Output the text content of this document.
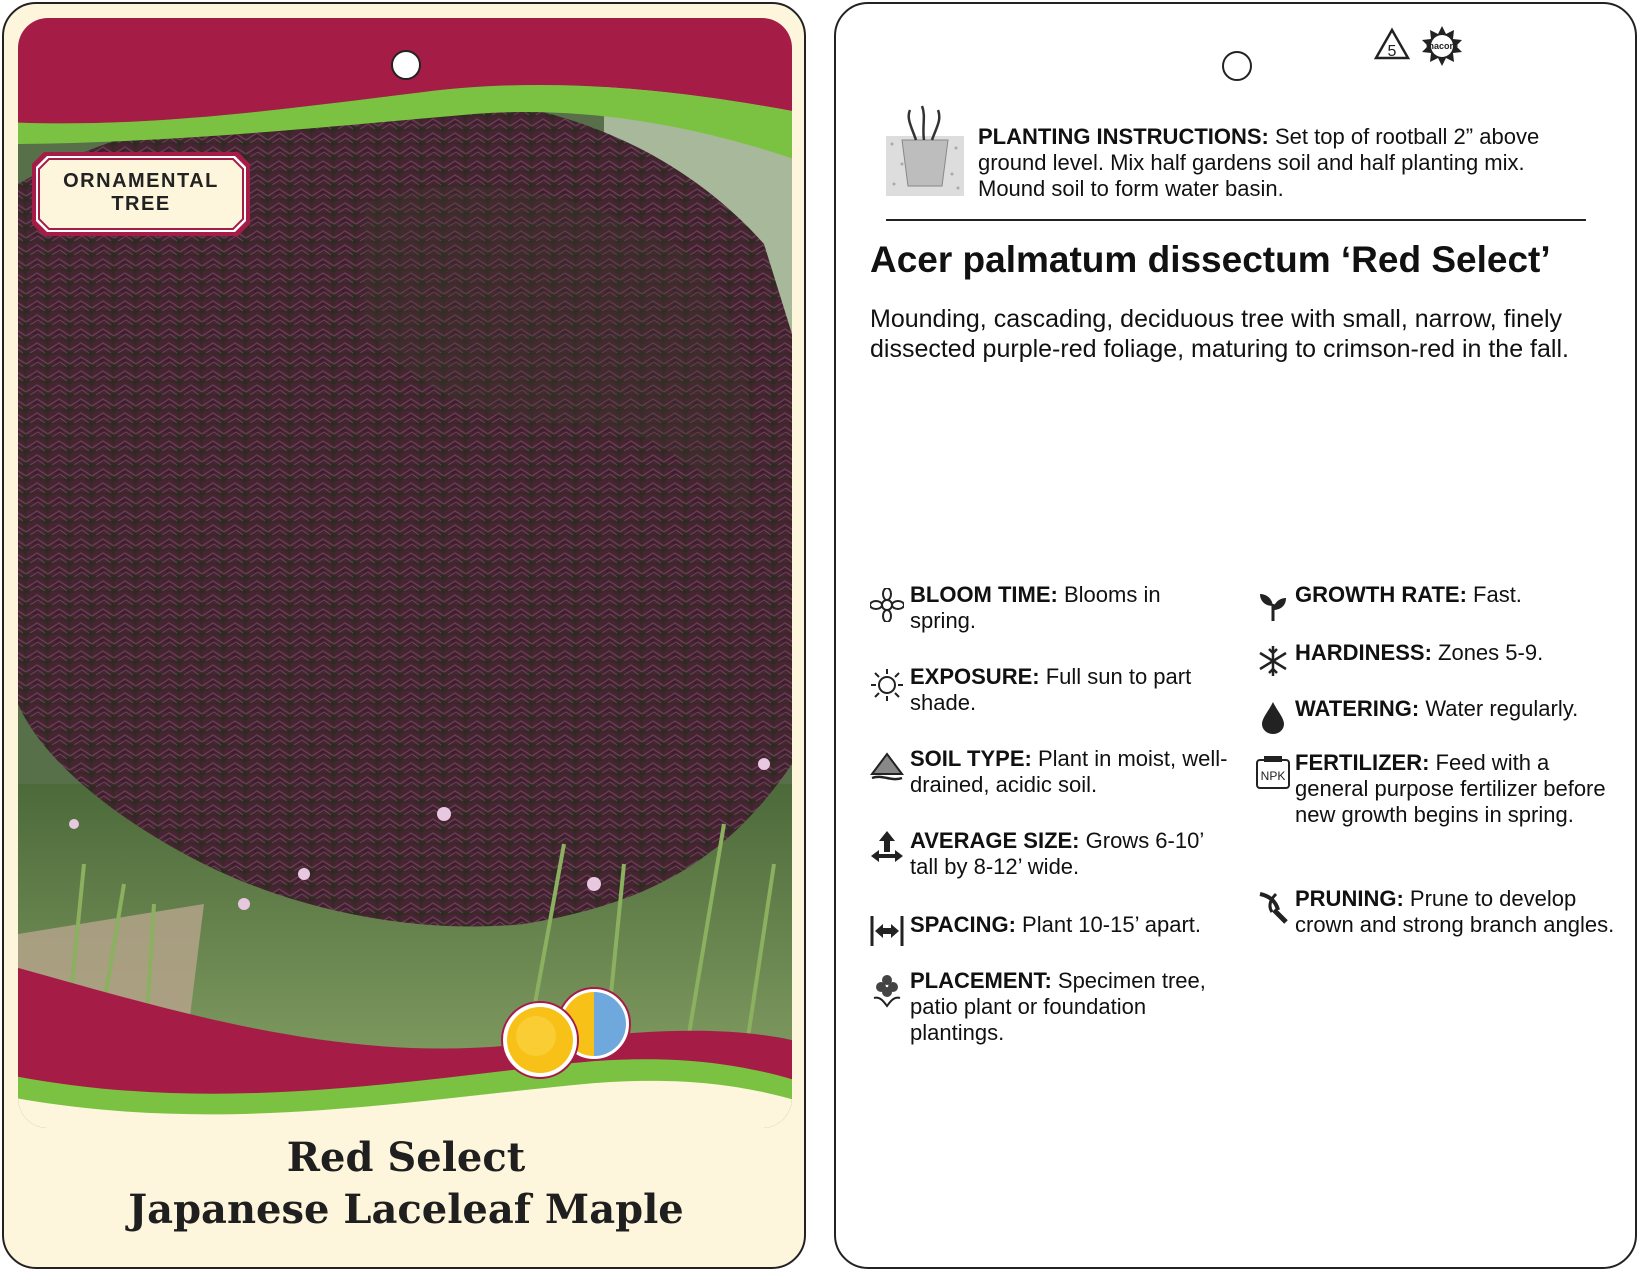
ORNAMENTAL
TREE
Red Select
Japanese Laceleaf Maple
5	macore
PLANTING INSTRUCTIONS: Set top of rootball 2” above ground level. Mix half gardens soil and half planting mix. Mound soil to form water basin.
Acer palmatum dissectum ‘Red Select’
Mounding, cascading, deciduous tree with small, narrow, finely dissected purple-red foliage, maturing to crimson-red in the fall.
BLOOM TIME: Blooms in spring.
EXPOSURE: Full sun to part shade.
SOIL TYPE: Plant in moist, well-drained, acidic soil.
AVERAGE SIZE: Grows 6-10’ tall by 8-12’ wide.
SPACING: Plant 10-15’ apart.
PLACEMENT: Specimen tree, patio plant or foundation plantings.
GROWTH RATE: Fast.
HARDINESS: Zones 5-9.
WATERING: Water regularly.
NPK
FERTILIZER: Feed with a general purpose fertilizer before new growth begins in spring.
PRUNING: Prune to develop crown and strong branch angles.
